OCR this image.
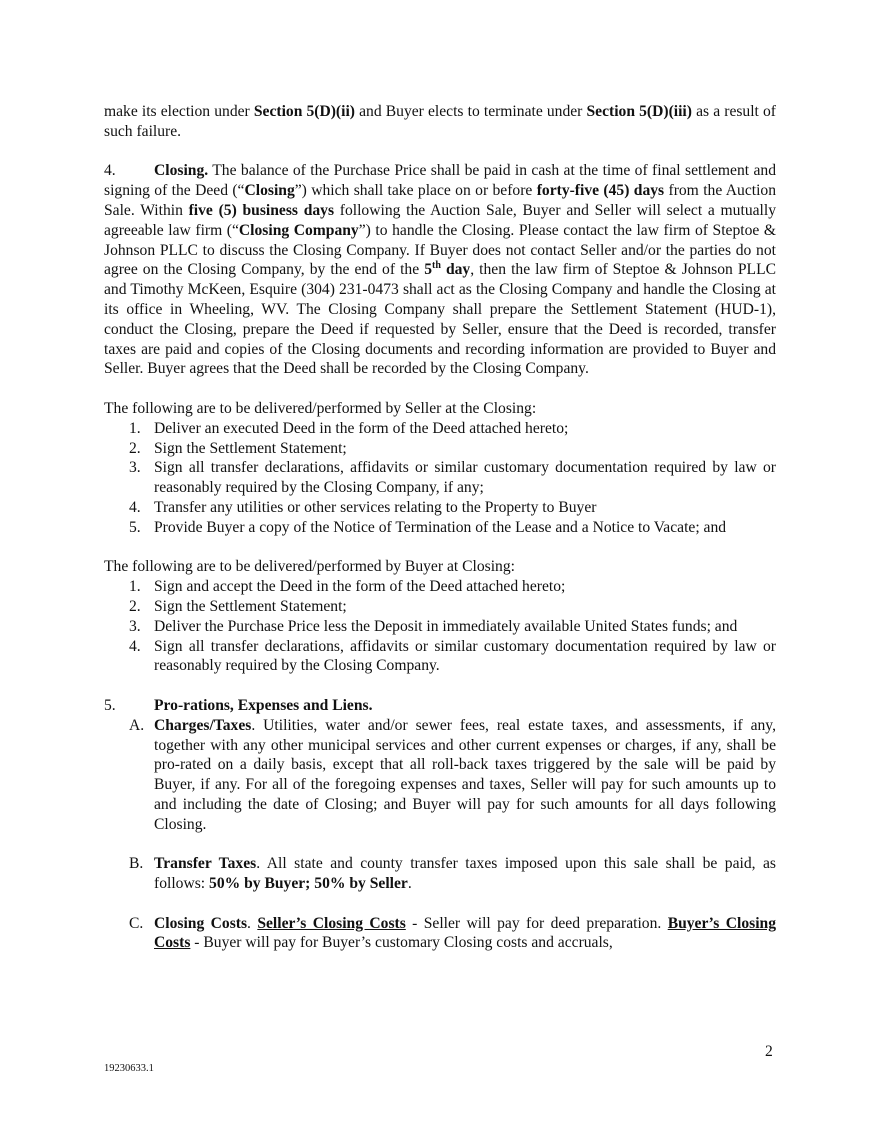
make its election under Section 5(D)(ii) and Buyer elects to terminate under Section 5(D)(iii) as a result of such failure.

4. Closing. The balance of the Purchase Price shall be paid in cash at the time of final settlement and signing of the Deed (“Closing”) which shall take place on or before forty-five (45) days from the Auction Sale. Within five (5) business days following the Auction Sale, Buyer and Seller will select a mutually agreeable law firm (“Closing Company”) to handle the Closing. Please contact the law firm of Steptoe & Johnson PLLC to discuss the Closing Company. If Buyer does not contact Seller and/or the parties do not agree on the Closing Company, by the end of the 5th day, then the law firm of Steptoe & Johnson PLLC and Timothy McKeen, Esquire (304) 231-0473 shall act as the Closing Company and handle the Closing at its office in Wheeling, WV. The Closing Company shall prepare the Settlement Statement (HUD-1), conduct the Closing, prepare the Deed if requested by Seller, ensure that the Deed is recorded, transfer taxes are paid and copies of the Closing documents and recording information are provided to Buyer and Seller. Buyer agrees that the Deed shall be recorded by the Closing Company.

The following are to be delivered/performed by Seller at the Closing:

1. Deliver an executed Deed in the form of the Deed attached hereto;
2. Sign the Settlement Statement;
3. Sign all transfer declarations, affidavits or similar customary documentation required by law or reasonably required by the Closing Company, if any;
4. Transfer any utilities or other services relating to the Property to Buyer
5. Provide Buyer a copy of the Notice of Termination of the Lease and a Notice to Vacate; and

The following are to be delivered/performed by Buyer at Closing:

1. Sign and accept the Deed in the form of the Deed attached hereto;
2. Sign the Settlement Statement;
3. Deliver the Purchase Price less the Deposit in immediately available United States funds; and
4. Sign all transfer declarations, affidavits or similar customary documentation required by law or reasonably required by the Closing Company.
5.	Pro-rations, Expenses and Liens.
A. Charges/Taxes. Utilities, water and/or sewer fees, real estate taxes, and assessments, if any, together with any other municipal services and other current expenses or charges, if any, shall be pro-rated on a daily basis, except that all roll-back taxes triggered by the sale will be paid by Buyer, if any. For all of the foregoing expenses and taxes, Seller will pay for such amounts up to and including the date of Closing; and Buyer will pay for such amounts for all days following Closing.
B. Transfer Taxes. All state and county transfer taxes imposed upon this sale shall be paid, as follows: 50% by Buyer; 50% by Seller.
C. Closing Costs. Seller’s Closing Costs - Seller will pay for deed preparation. Buyer’s Closing Costs - Buyer will pay for Buyer’s customary Closing costs and accruals,
2
19230633.1
